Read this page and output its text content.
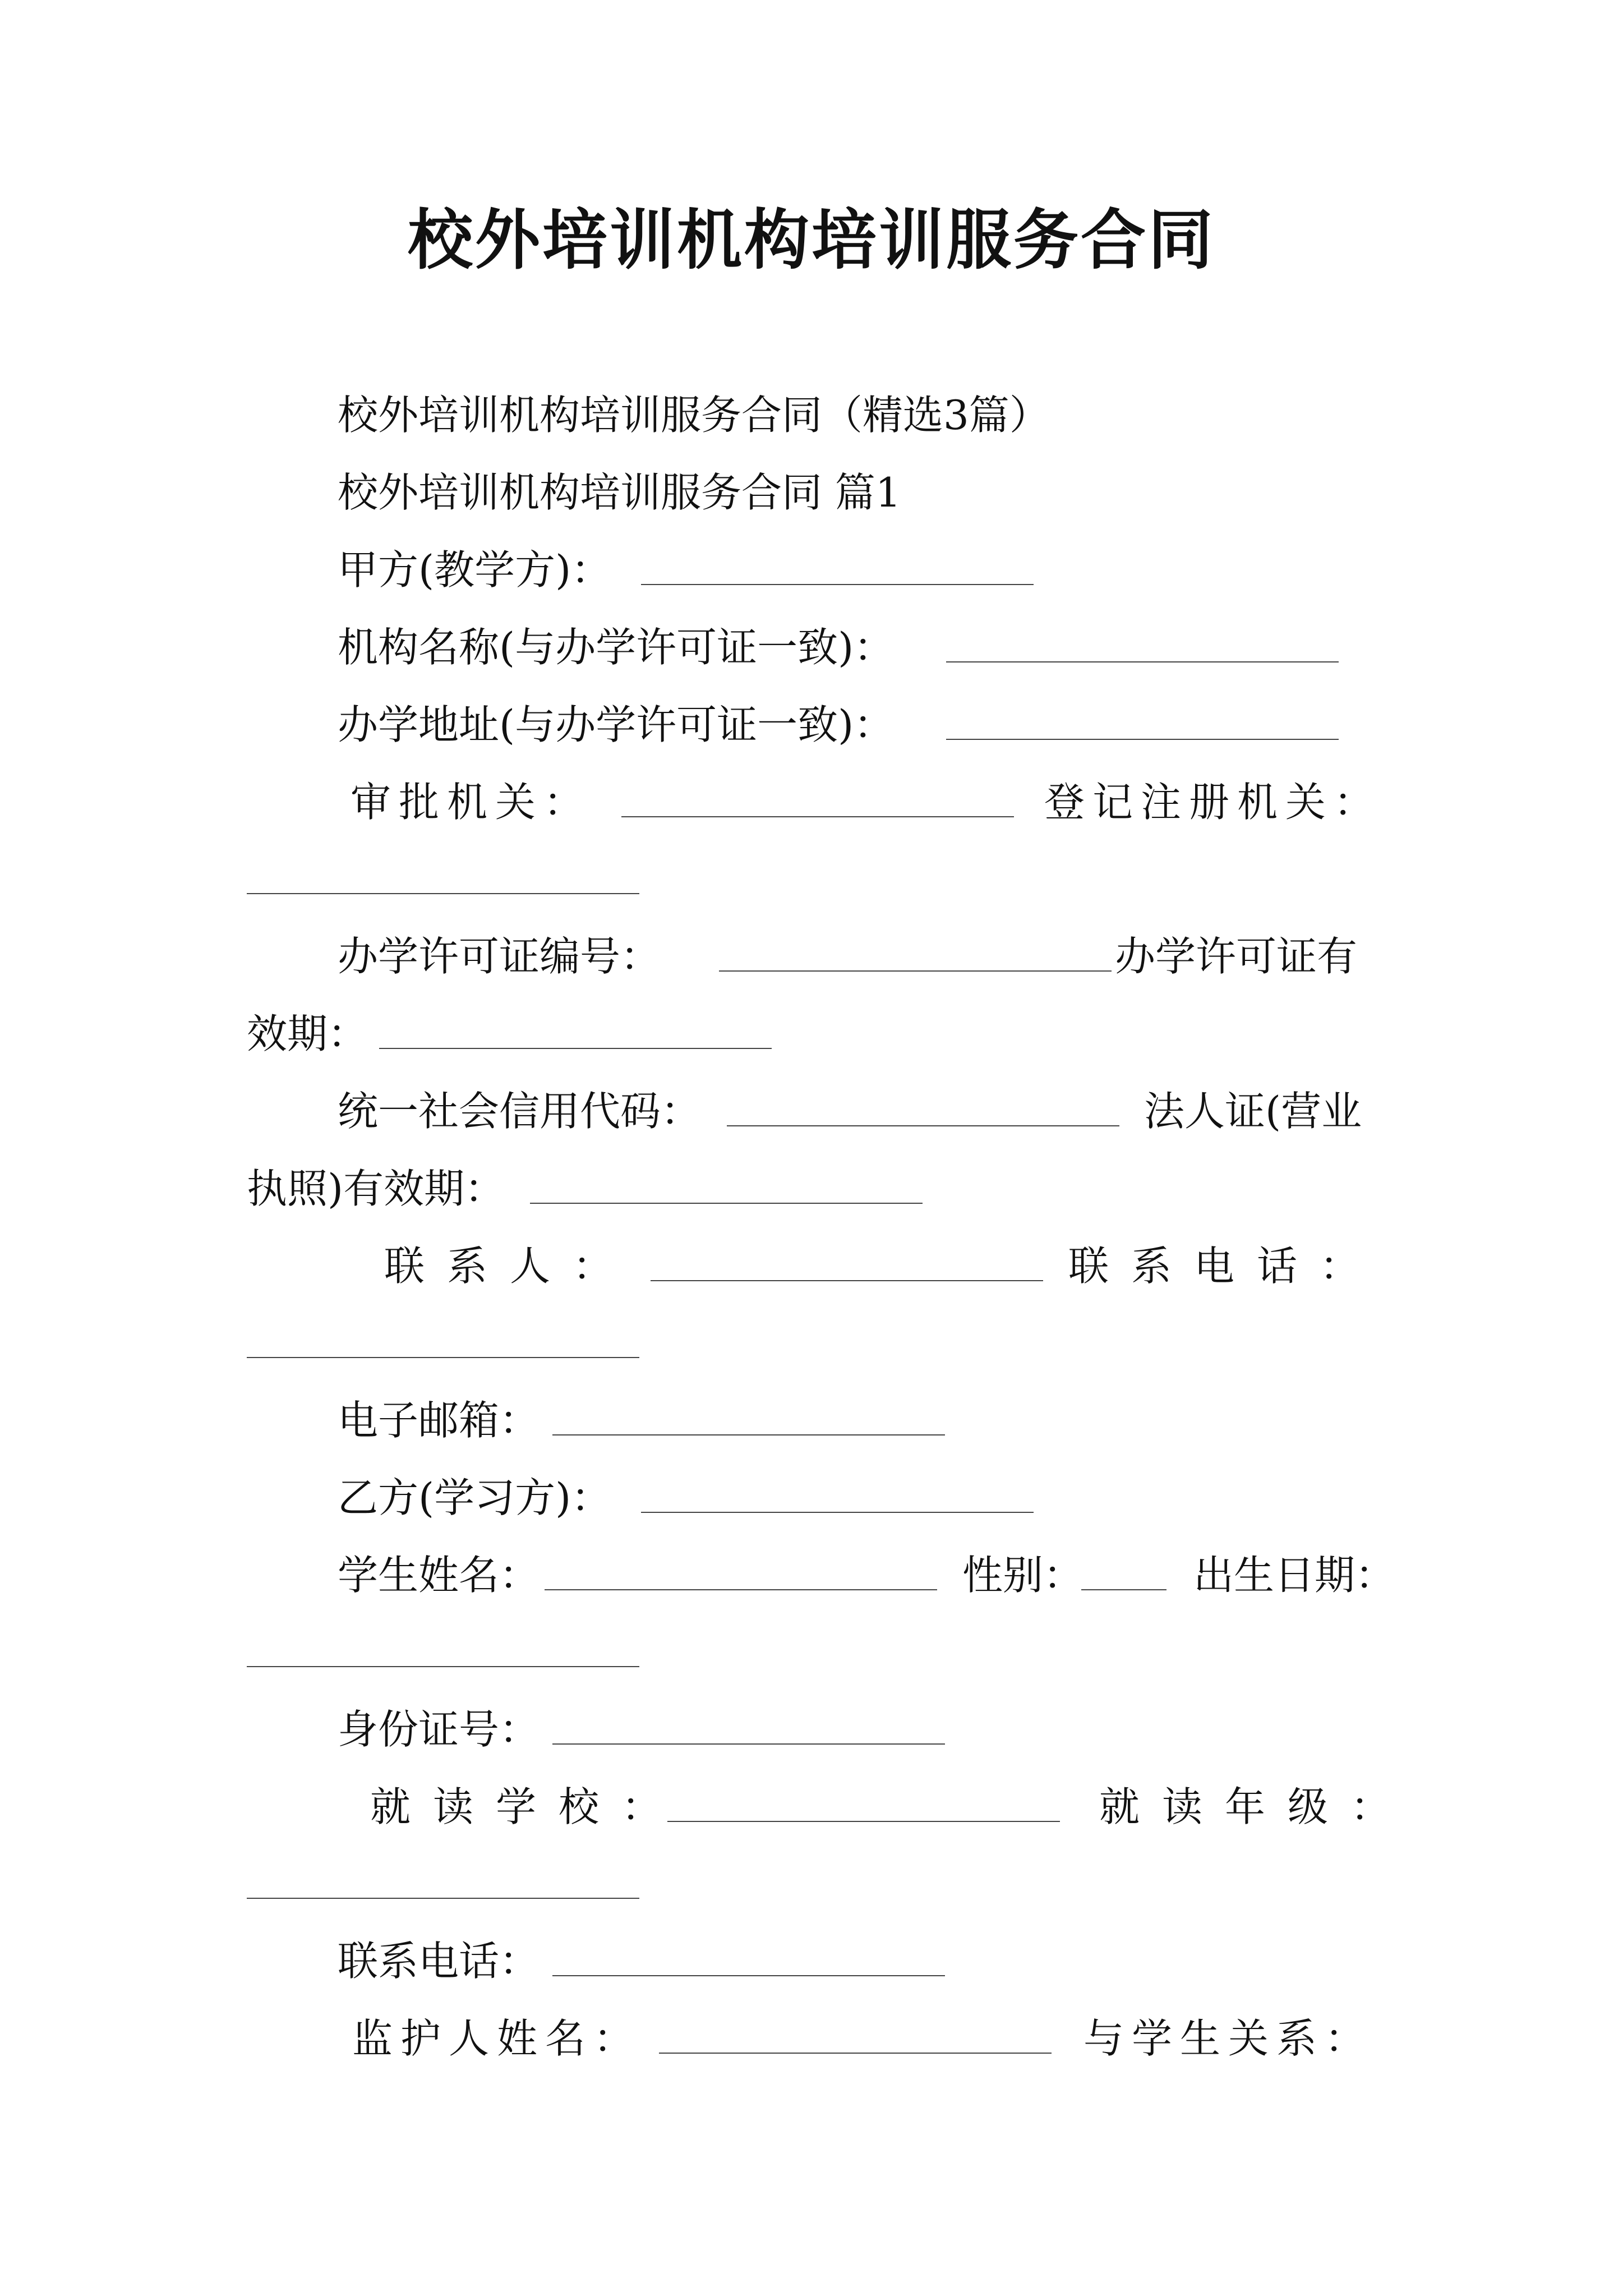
校外培训机构培训服务合同
校外培训机构培训服务合同（精选3篇）
校外培训机构培训服务合同 篇1
甲方(教学方)：
机构名称(与办学许可证一致)：
办学地址(与办学许可证一致)：
审批机关：	登记注册机关：
办学许可证编号：	办学许可证有
效期：
统一社会信用代码：	法人证(营业
执照)有效期：
联系人：	联系电话：
电子邮箱：
乙方(学习方)：
学生姓名：	性别：	出生日期：
身份证号：
就读学校：	就读年级：
联系电话：
监护人姓名：	与学生关系：
